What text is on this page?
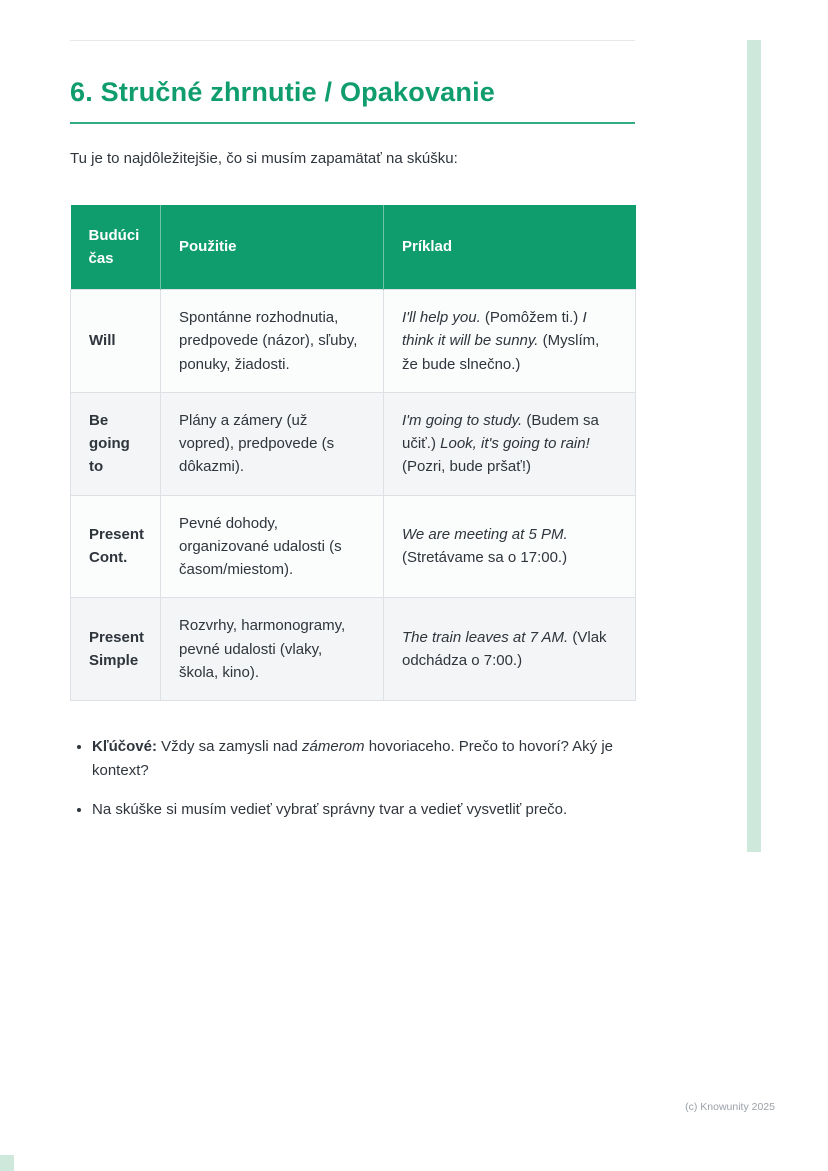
6. Stručné zhrnutie / Opakovanie

Tu je to najdôležitejšie, čo si musím zapamätať na skúšku:

Budúci čas	Použitie	Príklad
Will	Spontánne rozhodnutia, predpovede (názor), sľuby, ponuky, žiadosti.	I'll help you. (Pomôžem ti.) I think it will be sunny. (Myslím, že bude slnečno.)
Be going to	Plány a zámery (už vopred), predpovede (s dôkazmi).	I'm going to study. (Budem sa učiť.) Look, it's going to rain! (Pozri, bude pršať!)
Present Cont.	Pevné dohody, organizované udalosti (s časom/miestom).	We are meeting at 5 PM. (Stretávame sa o 17:00.)
Present Simple	Rozvrhy, harmonogramy, pevné udalosti (vlaky, škola, kino).	The train leaves at 7 AM. (Vlak odchádza o 7:00.)
• Kľúčové: Vždy sa zamysli nad zámerom hovoriaceho. Prečo to hovorí? Aký je kontext?
• Na skúške si musím vedieť vybrať správny tvar a vedieť vysvetliť prečo.
(c) Knowunity 2025
